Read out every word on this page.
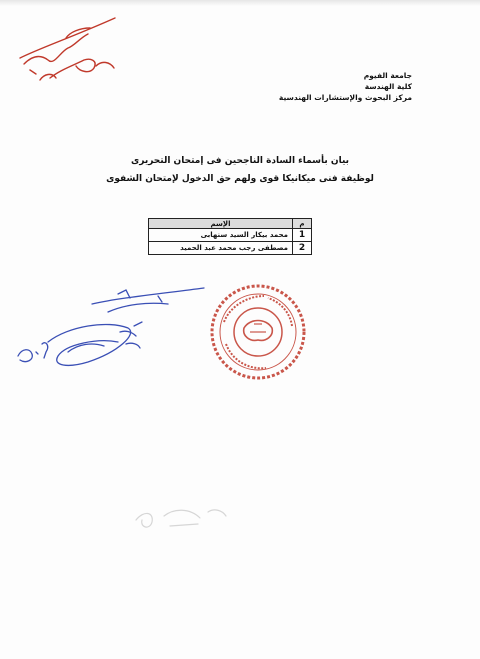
جامعة الفيوم
كلية الهندسة
مركز البحوث والإستشارات الهندسية
بيان بأسماء السادة الناجحين فى إمتحان التحريرى
لوظيفة فنى ميكانيكا قوى ولهم حق الدخول لإمتحان الشفوى
م	الإسم
1	محمد بيكار السيد سنهابى
2	مصطفى رجب محمد عبد الحميد
